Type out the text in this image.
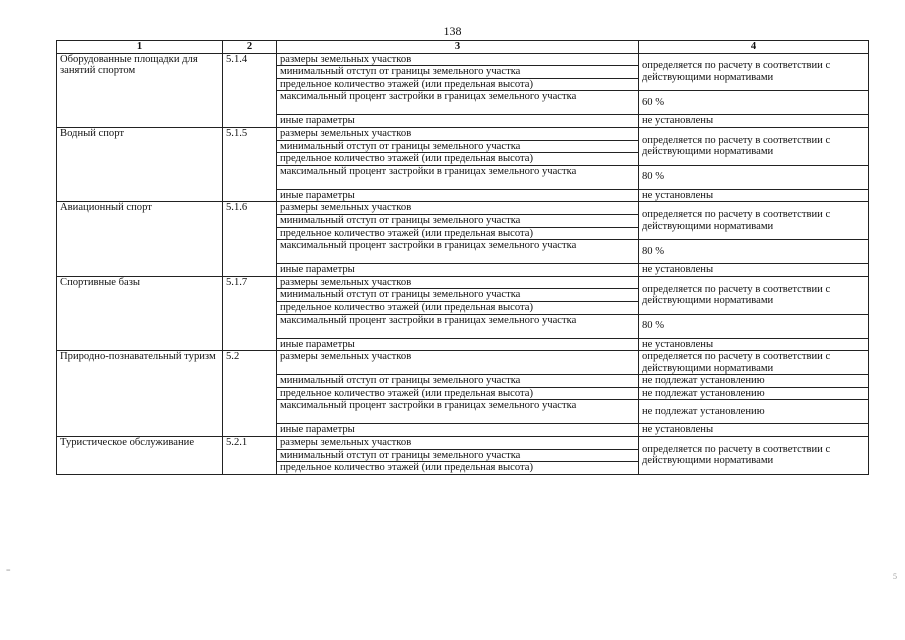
138
1	2	3	4
Оборудованные площадки для занятий спортом	5.1.4	размеры земельных участков	определяется по расчету в соответствии с действующими нормативами
		минимальный отступ от границы земельного участка	
		предельное количество этажей (или предельная высота)	
		максимальный процент застройки в границах земельного участка	60 %
		иные параметры	не установлены
Водный спорт	5.1.5	размеры земельных участков	определяется по расчету в соответствии с действующими нормативами
		минимальный отступ от границы земельного участка	
		предельное количество этажей (или предельная высота)	
		максимальный процент застройки в границах земельного участка	80 %
		иные параметры	не установлены
Авиационный спорт	5.1.6	размеры земельных участков	определяется по расчету в соответствии с действующими нормативами
		минимальный отступ от границы земельного участка	
		предельное количество этажей (или предельная высота)	
		максимальный процент застройки в границах земельного участка	80 %
		иные параметры	не установлены
Спортивные базы	5.1.7	размеры земельных участков	определяется по расчету в соответствии с действующими нормативами
		минимальный отступ от границы земельного участка	
		предельное количество этажей (или предельная высота)	
		максимальный процент застройки в границах земельного участка	80 %
		иные параметры	не установлены
Природно-познавательный туризм	5.2	размеры земельных участков	определяется по расчету в соответствии с действующими нормативами
		минимальный отступ от границы земельного участка	не подлежат установлению
		предельное количество этажей (или предельная высота)	не подлежат установлению
		максимальный процент застройки в границах земельного участка	не подлежат установлению
		иные параметры	не установлены
Туристическое обслуживание	5.2.1	размеры земельных участков	определяется по расчету в соответствии с действующими нормативами
		минимальный отступ от границы земельного участка	
		предельное количество этажей (или предельная высота)	
=
5
